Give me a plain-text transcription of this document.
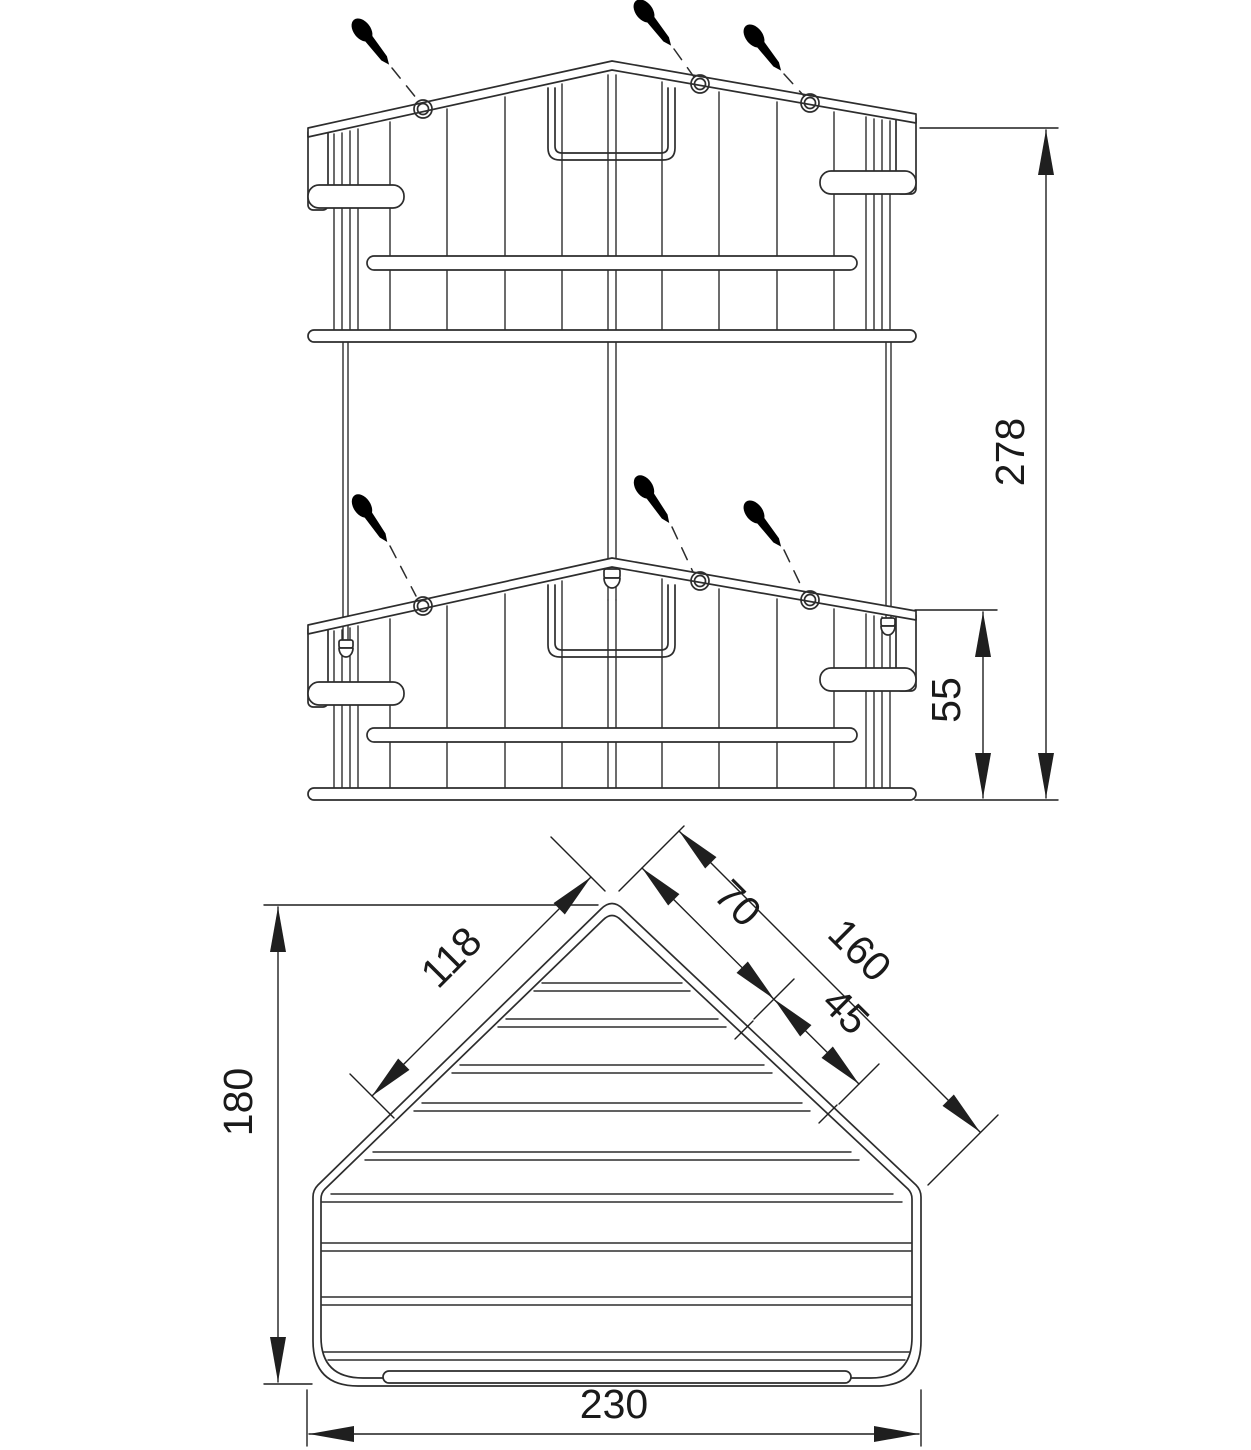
278
55
180
230
118
70
45
160
